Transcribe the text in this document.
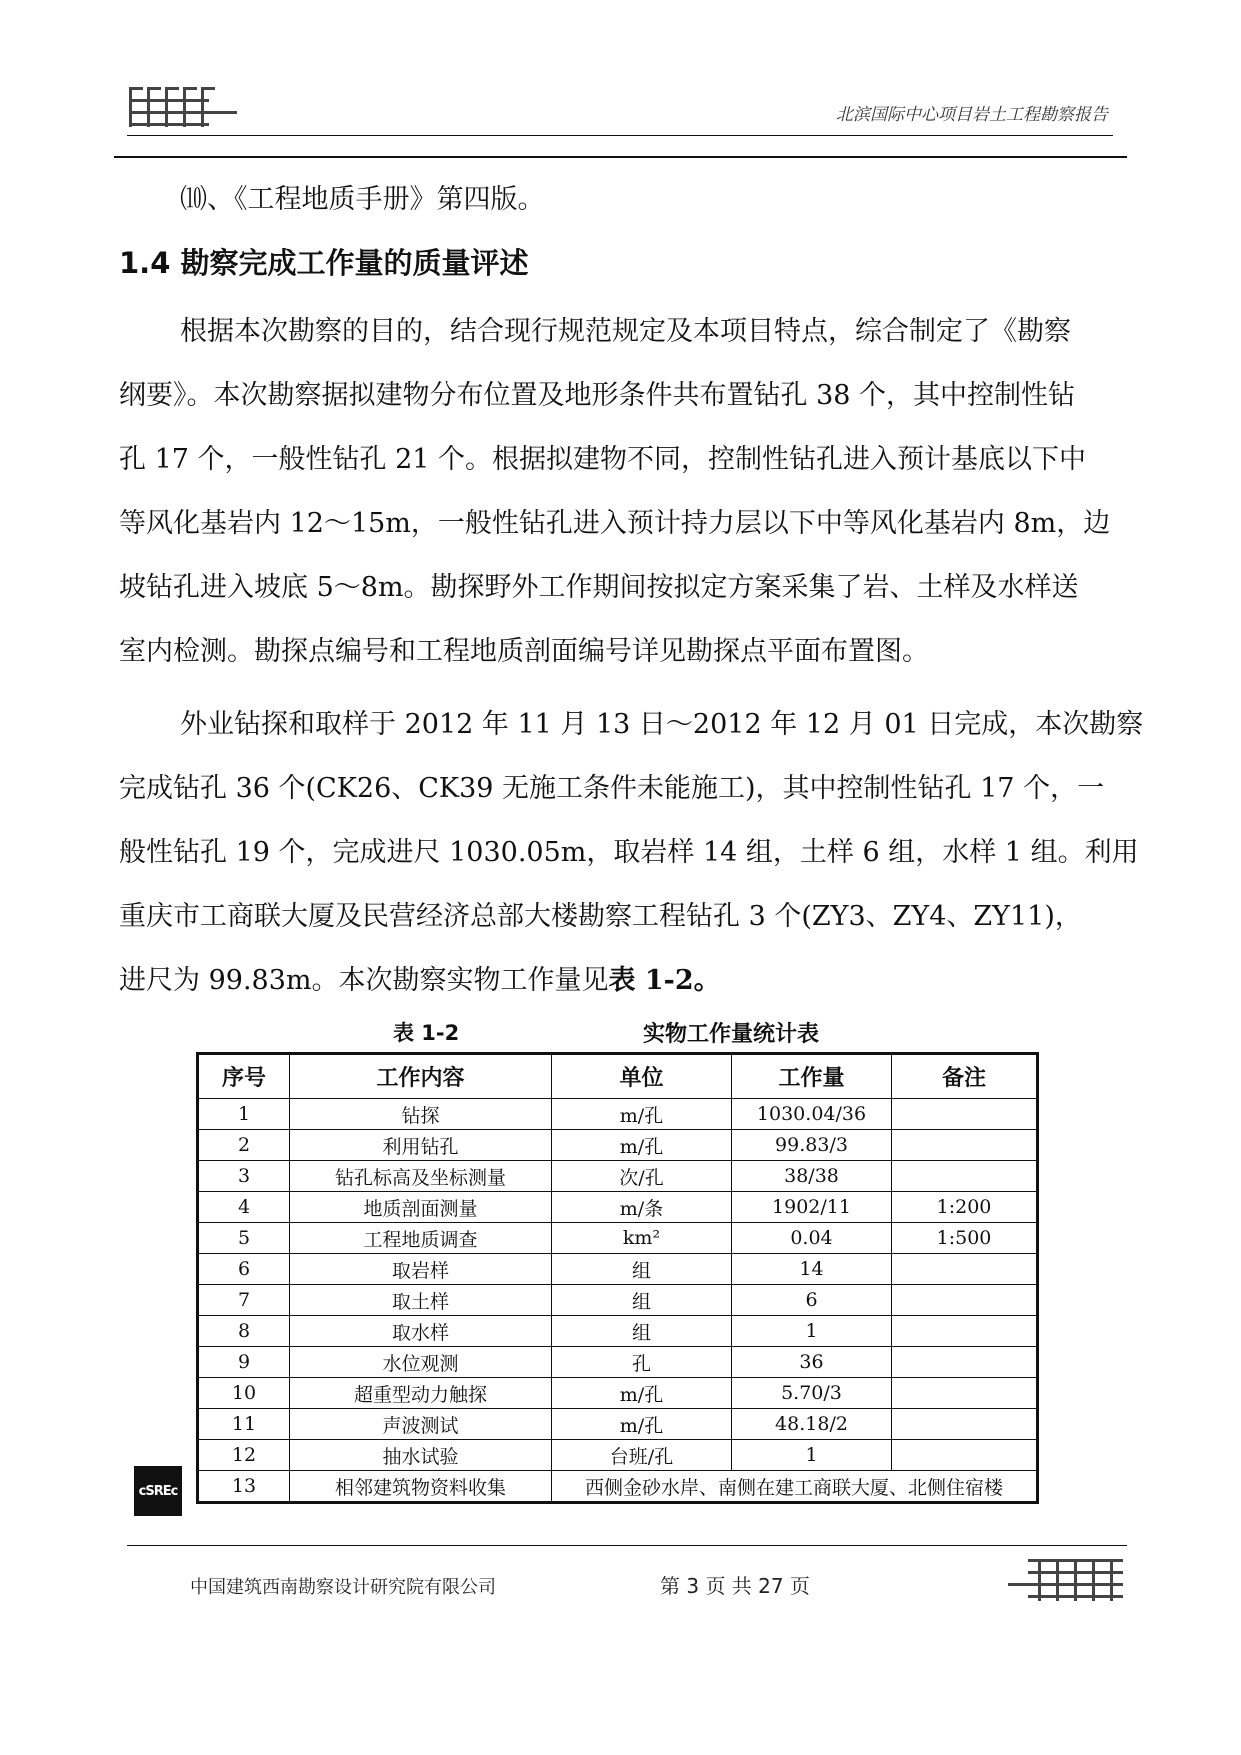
北滨国际中心项目岩土工程勘察报告
⑽、《工程地质手册》第四版。
1.4 勘察完成工作量的质量评述
根据本次勘察的目的，结合现行规范规定及本项目特点，综合制定了《勘察
纲要》。本次勘察据拟建物分布位置及地形条件共布置钻孔 38 个，其中控制性钻
孔 17 个，一般性钻孔 21 个。根据拟建物不同，控制性钻孔进入预计基底以下中
等风化基岩内 12～15m，一般性钻孔进入预计持力层以下中等风化基岩内 8m，边
坡钻孔进入坡底 5～8m。勘探野外工作期间按拟定方案采集了岩、土样及水样送
室内检测。勘探点编号和工程地质剖面编号详见勘探点平面布置图。
外业钻探和取样于 2012 年 11 月 13 日～2012 年 12 月 01 日完成，本次勘察
完成钻孔 36 个(CK26、CK39 无施工条件未能施工)，其中控制性钻孔 17 个，一
般性钻孔 19 个，完成进尺 1030.05m，取岩样 14 组，土样 6 组，水样 1 组。利用
重庆市工商联大厦及民营经济总部大楼勘察工程钻孔 3 个(ZY3、ZY4、ZY11)，
进尺为 99.83m。本次勘察实物工作量见表 1-2。
表 1-2	实物工作量统计表
序号	工作内容	单位	工作量	备注
1	钻探	m/孔	1030.04/36	
2	利用钻孔	m/孔	99.83/3	
3	钻孔标高及坐标测量	次/孔	38/38	
4	地质剖面测量	m/条	1902/11	1:200
5	工程地质调查	km²	0.04	1:500
6	取岩样	组	14	
7	取土样	组	6	
8	取水样	组	1	
9	水位观测	孔	36	
10	超重型动力触探	m/孔	5.70/3	
11	声波测试	m/孔	48.18/2	
12	抽水试验	台班/孔	1	
13	相邻建筑物资料收集	西侧金砂水岸、南侧在建工商联大厦、北侧住宿楼		
cSREc
中国建筑西南勘察设计研究院有限公司	第 3 页 共 27 页
